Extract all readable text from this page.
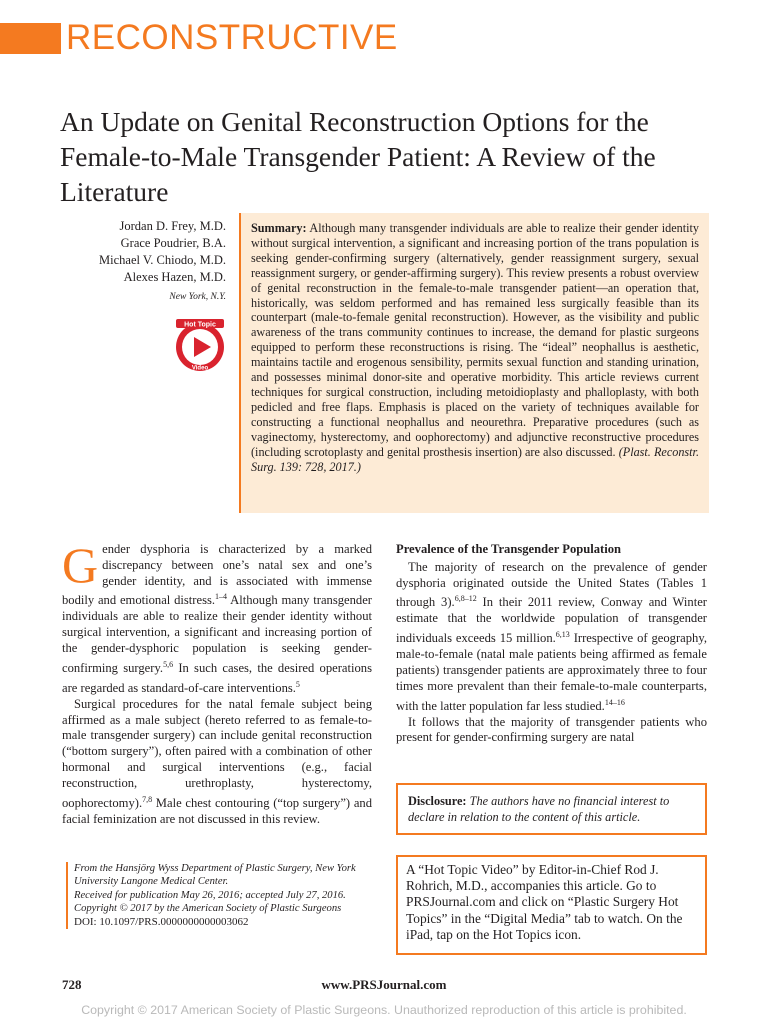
RECONSTRUCTIVE
An Update on Genital Reconstruction Options for the Female-to-Male Transgender Patient: A Review of the Literature
Jordan D. Frey, M.D.
Grace Poudrier, B.A.
Michael V. Chiodo, M.D.
Alexes Hazen, M.D.
New York, N.Y.
Hot Topic
Video
Summary: Although many transgender individuals are able to realize their gender identity without surgical intervention, a significant and increasing portion of the trans population is seeking gender-confirming surgery (alternatively, gender reassignment surgery, sexual reassignment surgery, or gender-affirming surgery). This review presents a robust overview of genital reconstruction in the female-to-male transgender patient—an operation that, historically, was seldom performed and has remained less surgically feasible than its counterpart (male-to-female genital reconstruction). However, as the visibility and public awareness of the trans community continues to increase, the demand for plastic surgeons equipped to perform these reconstructions is rising. The “ideal” neophallus is aesthetic, maintains tactile and erogenous sensibility, permits sexual function and standing urination, and possesses minimal donor-site and operative morbidity. This article reviews current techniques for surgical construction, including metoidioplasty and phalloplasty, with both pedicled and free flaps. Emphasis is placed on the variety of techniques available for constructing a functional neophallus and neourethra. Preparative procedures (such as vaginectomy, hysterectomy, and oophorectomy) and adjunctive reconstructive procedures (including scrotoplasty and genital prosthesis insertion) are also discussed. (Plast. Reconstr. Surg. 139: 728, 2017.)

Gender dysphoria is characterized by a marked discrepancy between one’s natal sex and one’s gender identity, and is associated with immense bodily and emotional distress.$^{1-4}$ Although many transgender individuals are able to realize their gender identity without surgical intervention, a significant and increasing portion of the gender-dysphoric population is seeking gender-confirming surgery.$^{5,6}$ In such cases, the desired operations are regarded as standard-of-care interventions.$^5$

Surgical procedures for the natal female subject being affirmed as a male subject (hereto referred to as female-to-male transgender surgery) can include genital reconstruction (“bottom surgery”), often paired with a combination of other hormonal and surgical interventions (e.g., facial reconstruction, urethroplasty, hysterectomy, oophorectomy).$^{7,8}$ Male chest contouring (“top surgery”) and facial feminization are not discussed in this review.

Prevalence of the Transgender Population

The majority of research on the prevalence of gender dysphoria originated outside the United States (Tables 1 through 3).$^{6,8-12}$ In their 2011 review, Conway and Winter estimate that the worldwide population of transgender individuals exceeds 15 million.$^{6,13}$ Irrespective of geography, male-to-female (natal male patients being affirmed as female patients) transgender patients are approximately three to four times more prevalent than their female-to-male counterparts, with the latter population far less studied.$^{14-16}$

It follows that the majority of transgender patients who present for gender-confirming surgery are natal

Disclosure: The authors have no financial interest to declare in relation to the content of this article.
From the Hansjörg Wyss Department of Plastic Surgery, New York University Langone Medical Center.
Received for publication May 26, 2016; accepted July 27, 2016.
Copyright © 2017 by the American Society of Plastic Surgeons
DOI: 10.1097/PRS.0000000000003062
A “Hot Topic Video” by Editor-in-Chief Rod J. Rohrich, M.D., accompanies this article. Go to PRSJournal.com and click on “Plastic Surgery Hot Topics” in the “Digital Media” tab to watch. On the iPad, tap on the Hot Topics icon.
728	www.PRSJournal.com
Copyright © 2017 American Society of Plastic Surgeons. Unauthorized reproduction of this article is prohibited.
